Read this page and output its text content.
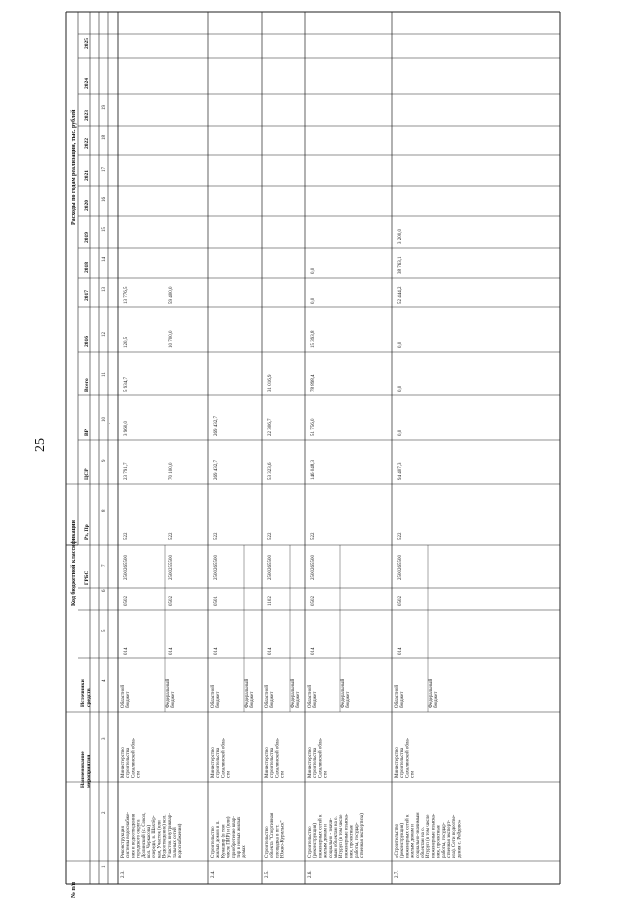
Расходы по годам реализации, тыс. рублей
Код бюджетной классификации
№ п/п
Наименование мероприятия
Источники средств
2025
2024
2023
2022
2021
2020
2019
2018
2017
2016
Всего
ВР
ЦСР
Рз, Пр
ГРБС
1
2
3
4
5
6
7
8
9
10
11
12
13
14
15
16
17
18
19
2.3.
Реконструкция системы водоснабже- ния и водоотведения городского округа Долинский (с. Сокол, кол. Черкасова) очереди, в. Шахтёр- кая, Участок (или Водоотведение) кол. Участок внутриквар- тальных сетей водоснабжения)
Министерство строительства Сахалинской обла- сти
Областной бюджет
014
0502
2500265500
522
23 791,7
3 960,0
5 934,7
120,5
13 776,5
Федеральный бюджет
014
0502
2500255500
522
70 100,0
10 700,0
59 400,0
2.4.
Строительство жилых домов в п. Кунашир (в том числе ПИР) и (или) приобретение квар- тир в новых жилых домах
Министерство строительства Сахалинской обла- сти
Областной бюджет
014
0501
2500265500
522
269 432,7
269 432,7
Федеральный бюджет
2.5.
Строительство объекта "Спортивная площадка в пгт. Южно-Курильск"
Министерство строительства Сахалинской обла- сти
Областной бюджет
014
1102
2500265500
522
53 323,6
22 306,7
31 016,9
Федеральный бюджет
2.6.
Строительство (реконструкция) инженерных сетей к жилым домам и социально - значи- мым объектам на о. Итуруп (в том числе инженерные изыска- ния, проектные работы, государ- ственная экспертиза)
Министерство строительства Сахалинской обла- сти
Областной бюджет
014
0502
2500265500
522
146 048,3
51 756,0
78 898,4
15 393,8
0,0
0,0
Федеральный бюджет
2.7.
«Строительство (реконструкция) инженерных сетей к жилым домам и социально-значимым объектам на о. Итуруп (в том числе инженерные изыска- ния, проектные работы, государ- ственная эксперт- иза). Сети водоотве- дения с. Рейдово»
Министерство строительства Сахалинской обла- сти
Областной бюджет
014
0502
2500265500
522
94 407,3
0,0
0,0
0,0
52 444,2
38 763,1
3 200,0
Федеральный бюджет
25
.
